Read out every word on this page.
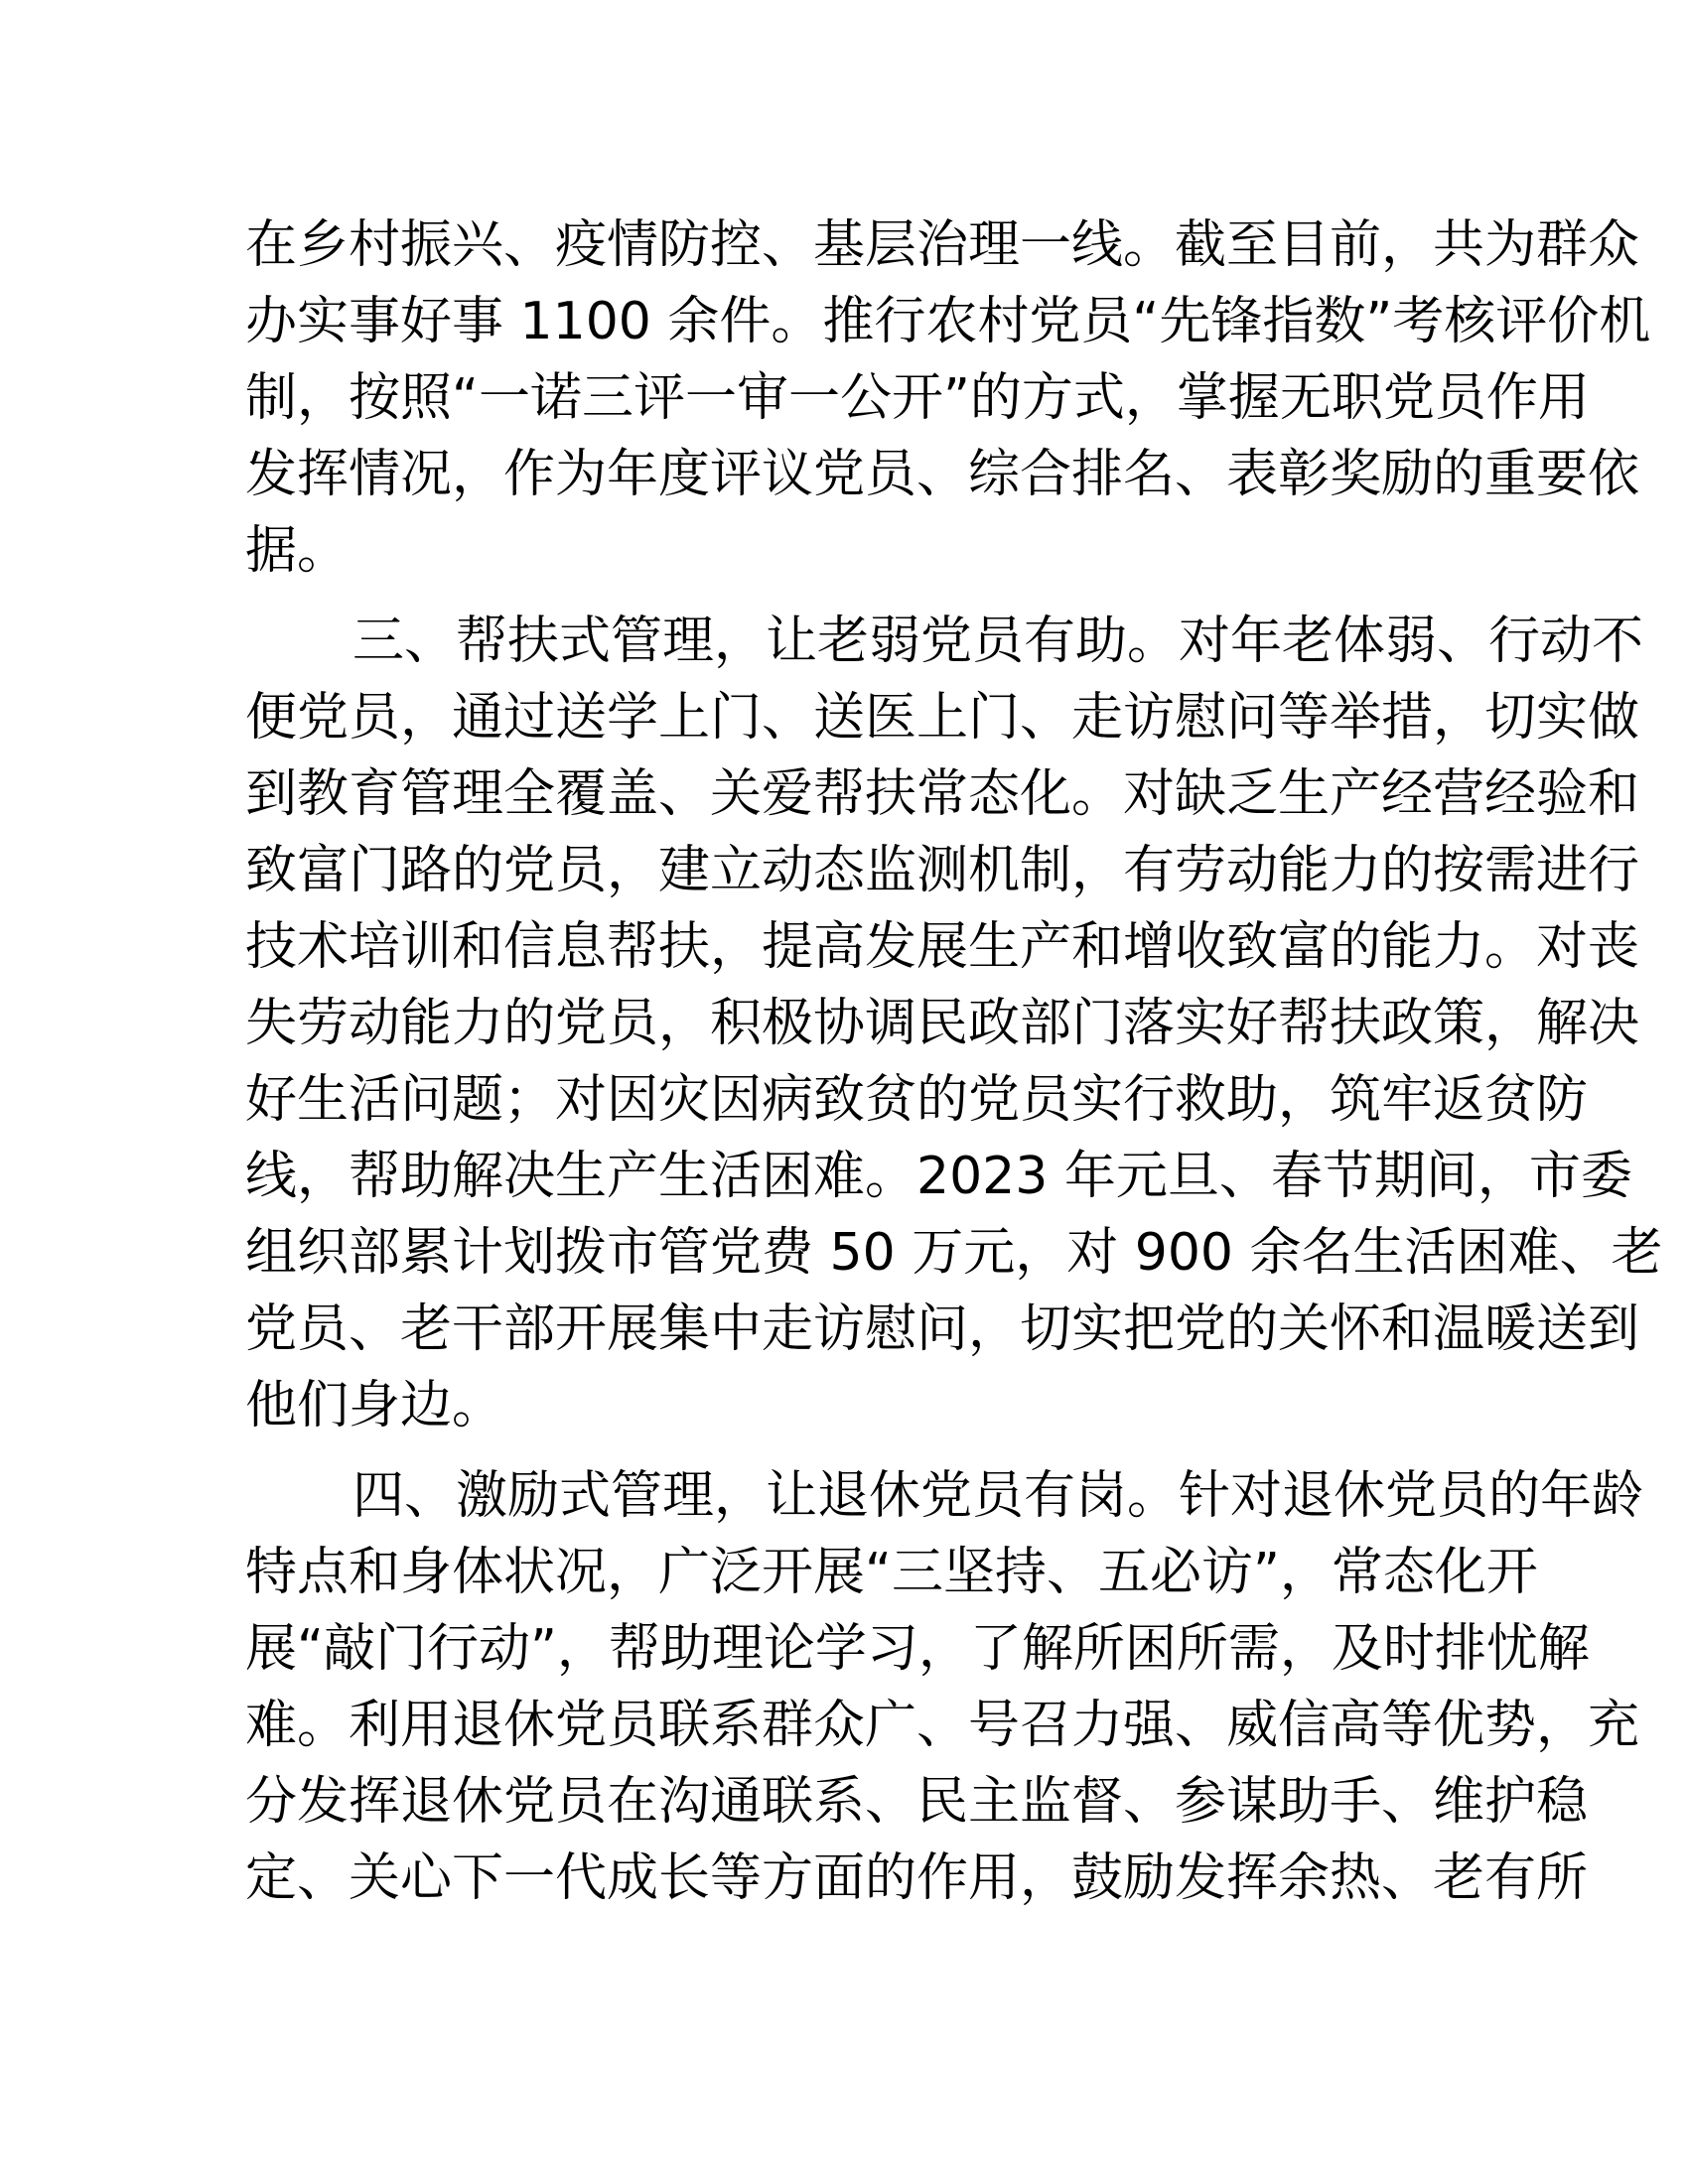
在乡村振兴、疫情防控、基层治理一线。截至目前，共为群众
办实事好事 1100 余件。推行农村党员“先锋指数”考核评价机
制，按照“一诺三评一审一公开”的方式，掌握无职党员作用
发挥情况，作为年度评议党员、综合排名、表彰奖励的重要依
据。
三、帮扶式管理，让老弱党员有助。对年老体弱、行动不
便党员，通过送学上门、送医上门、走访慰问等举措，切实做
到教育管理全覆盖、关爱帮扶常态化。对缺乏生产经营经验和
致富门路的党员，建立动态监测机制，有劳动能力的按需进行
技术培训和信息帮扶，提高发展生产和增收致富的能力。对丧
失劳动能力的党员，积极协调民政部门落实好帮扶政策，解决
好生活问题；对因灾因病致贫的党员实行救助，筑牢返贫防
线，帮助解决生产生活困难。2023 年元旦、春节期间，市委
组织部累计划拨市管党费 50 万元，对 900 余名生活困难、老
党员、老干部开展集中走访慰问，切实把党的关怀和温暖送到
他们身边。
四、激励式管理，让退休党员有岗。针对退休党员的年龄
特点和身体状况，广泛开展“三坚持、五必访”，常态化开
展“敲门行动”，帮助理论学习，了解所困所需，及时排忧解
难。利用退休党员联系群众广、号召力强、威信高等优势，充
分发挥退休党员在沟通联系、民主监督、参谋助手、维护稳
定、关心下一代成长等方面的作用，鼓励发挥余热、老有所
